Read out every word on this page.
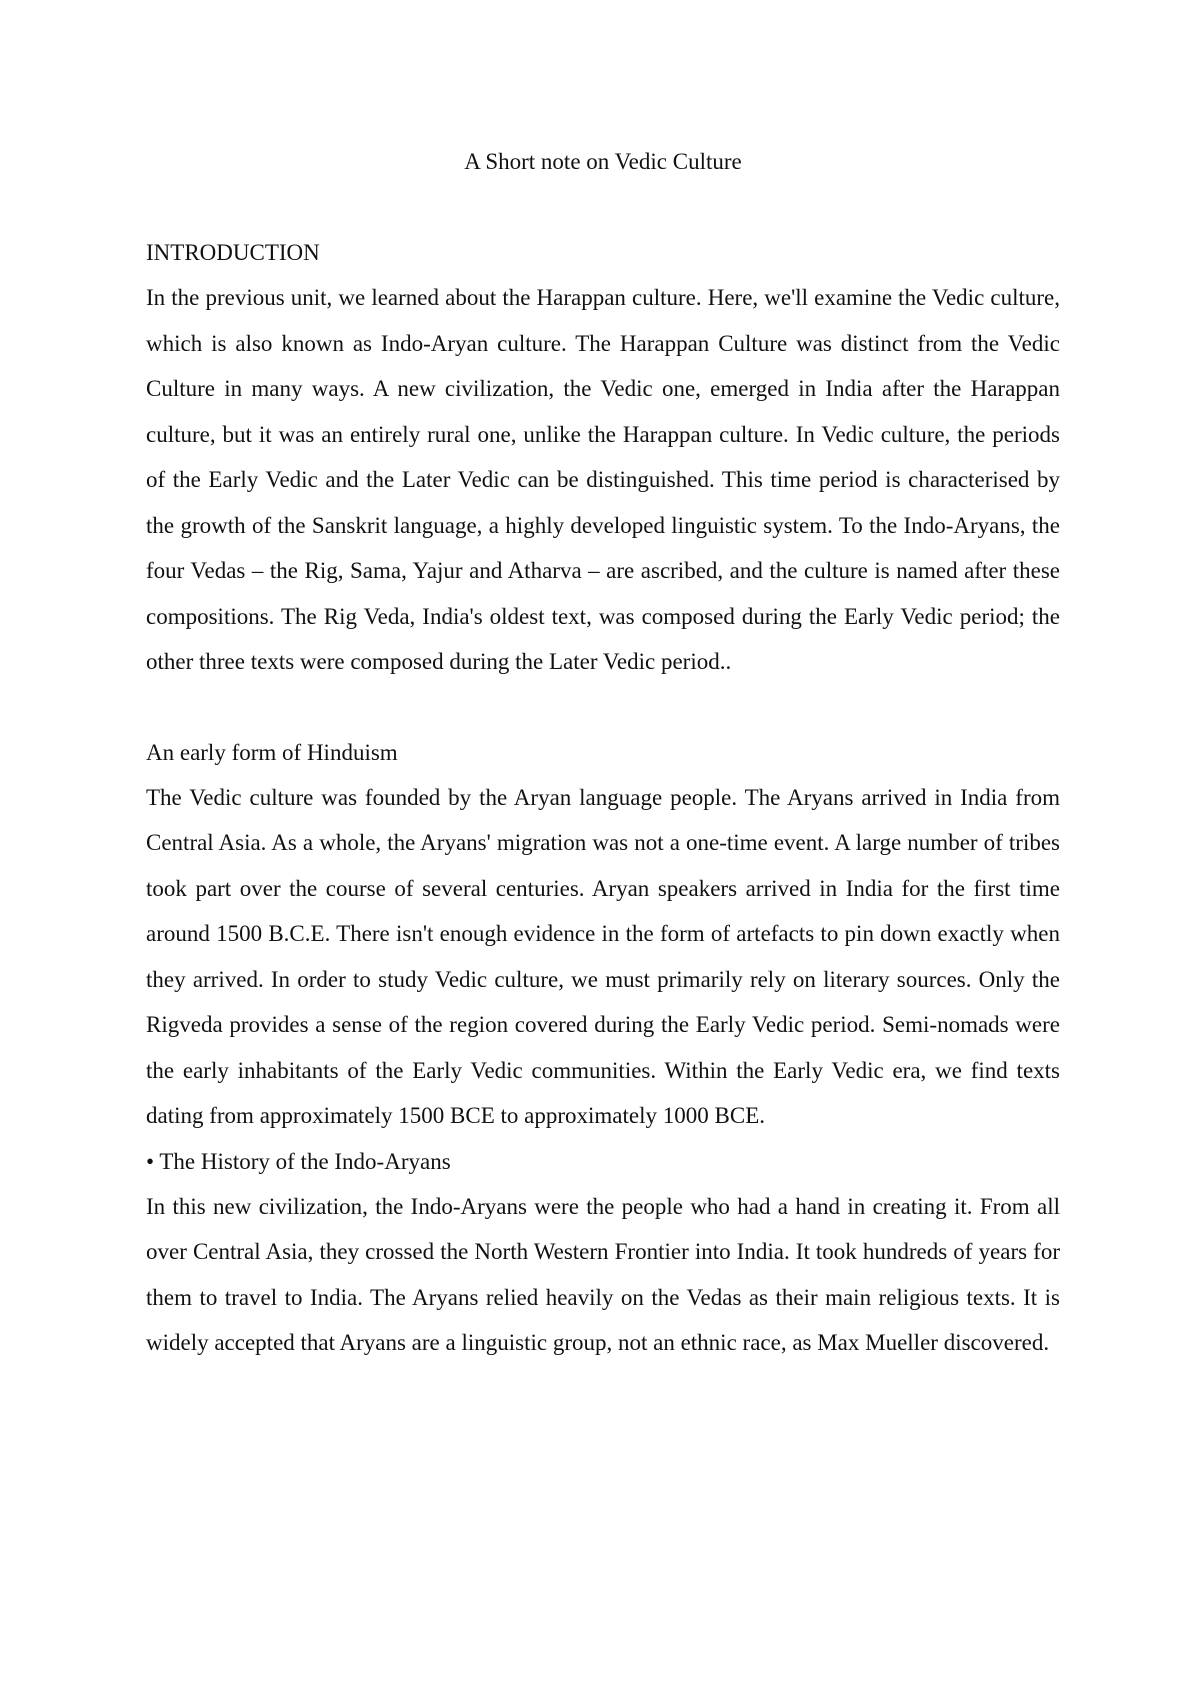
A Short note on Vedic Culture

INTRODUCTION

In the previous unit, we learned about the Harappan culture. Here, we'll examine the Vedic culture, which is also known as Indo-Aryan culture. The Harappan Culture was distinct from the Vedic Culture in many ways. A new civilization, the Vedic one, emerged in India after the Harappan culture, but it was an entirely rural one, unlike the Harappan culture. In Vedic culture, the periods of the Early Vedic and the Later Vedic can be distinguished. This time period is characterised by the growth of the Sanskrit language, a highly developed linguistic system. To the Indo-Aryans, the four Vedas – the Rig, Sama, Yajur and Atharva – are ascribed, and the culture is named after these compositions. The Rig Veda, India's oldest text, was composed during the Early Vedic period; the other three texts were composed during the Later Vedic period..

An early form of Hinduism

The Vedic culture was founded by the Aryan language people. The Aryans arrived in India from Central Asia. As a whole, the Aryans' migration was not a one-time event. A large number of tribes took part over the course of several centuries. Aryan speakers arrived in India for the first time around 1500 B.C.E. There isn't enough evidence in the form of artefacts to pin down exactly when they arrived. In order to study Vedic culture, we must primarily rely on literary sources. Only the Rigveda provides a sense of the region covered during the Early Vedic period. Semi-nomads were the early inhabitants of the Early Vedic communities. Within the Early Vedic era, we find texts dating from approximately 1500 BCE to approximately 1000 BCE.

• The History of the Indo-Aryans

In this new civilization, the Indo-Aryans were the people who had a hand in creating it. From all over Central Asia, they crossed the North Western Frontier into India. It took hundreds of years for them to travel to India. The Aryans relied heavily on the Vedas as their main religious texts. It is widely accepted that Aryans are a linguistic group, not an ethnic race, as Max Mueller discovered.
